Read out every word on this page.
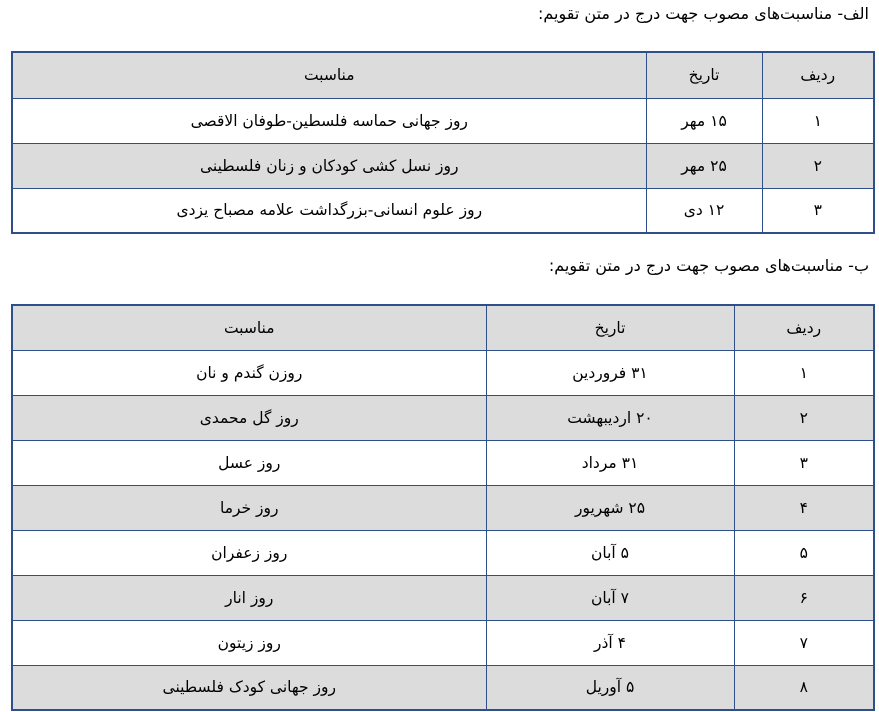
الف- مناسبت‌های مصوب جهت درج در متن تقویم:
ردیف	تاریخ	مناسبت
۱	۱۵ مهر	روز جهانی حماسه فلسطین-طوفان الاقصی
۲	۲۵ مهر	روز نسل کشی کودکان و زنان فلسطینی
۳	۱۲ دی	روز علوم انسانی-بزرگداشت علامه مصباح یزدی
ب- مناسبت‌های مصوب جهت درج در متن تقویم:
ردیف	تاریخ	مناسبت
۱	۳۱ فروردین	روزن گندم و نان
۲	۲۰ اردیبهشت	روز گل محمدی
۳	۳۱ مرداد	روز عسل
۴	۲۵ شهریور	روز خرما
۵	۵ آبان	روز زعفران
۶	۷ آبان	روز انار
۷	۴ آذر	روز زیتون
۸	۵ آوریل	روز جهانی کودک فلسطینی
